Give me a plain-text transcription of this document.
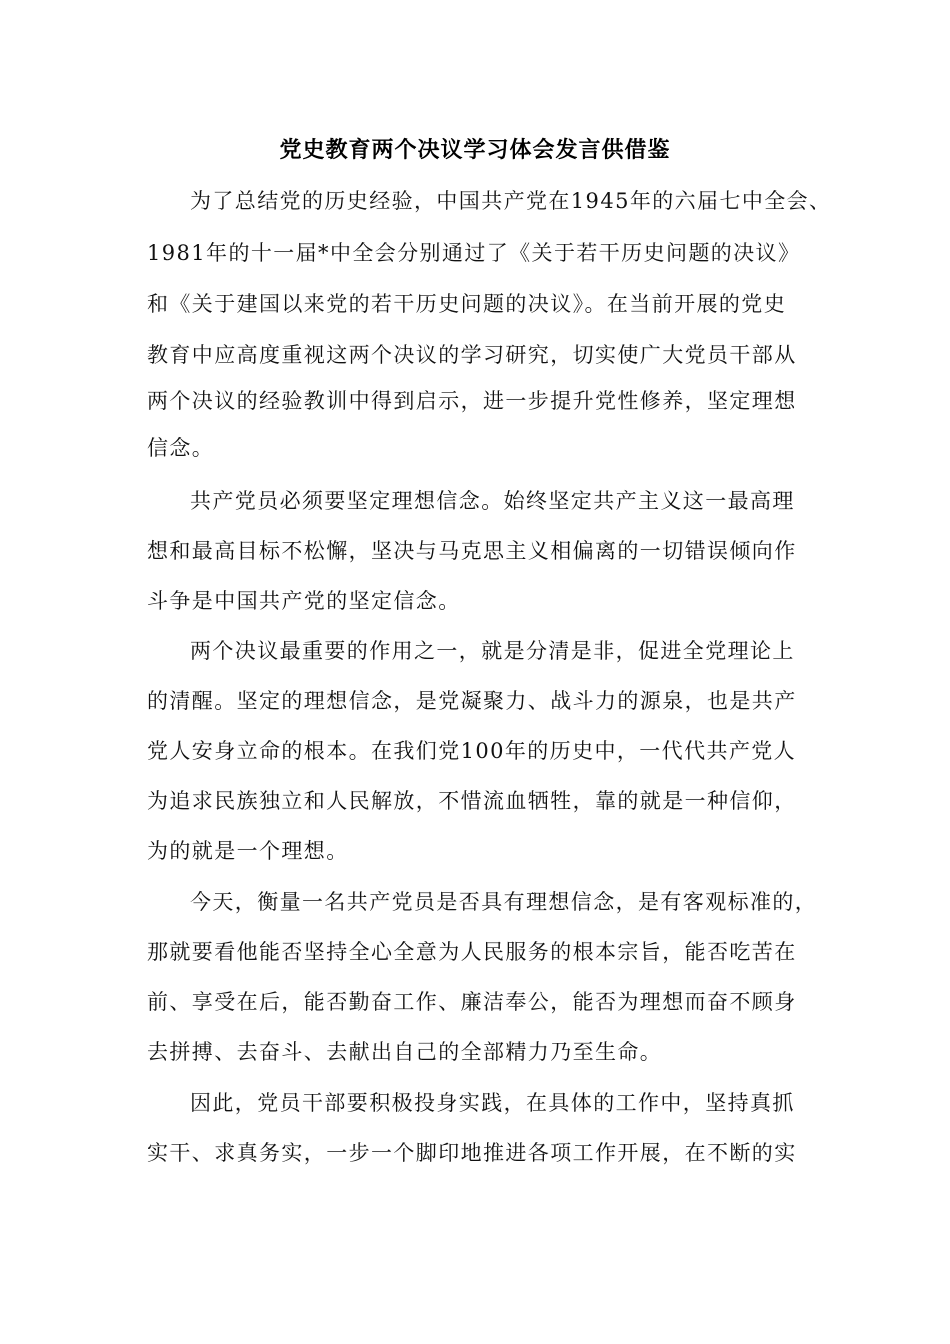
党史教育两个决议学习体会发言供借鉴
为了总结党的历史经验，中国共产党在1945年的六届七中全会、
1981年的十一届*中全会分别通过了《关于若干历史问题的决议》
和《关于建国以来党的若干历史问题的决议》。在当前开展的党史
教育中应高度重视这两个决议的学习研究，切实使广大党员干部从
两个决议的经验教训中得到启示，进一步提升党性修养，坚定理想
信念。
共产党员必须要坚定理想信念。始终坚定共产主义这一最高理
想和最高目标不松懈，坚决与马克思主义相偏离的一切错误倾向作
斗争是中国共产党的坚定信念。
两个决议最重要的作用之一，就是分清是非，促进全党理论上
的清醒。坚定的理想信念，是党凝聚力、战斗力的源泉，也是共产
党人安身立命的根本。在我们党100年的历史中，一代代共产党人
为追求民族独立和人民解放，不惜流血牺牲，靠的就是一种信仰，
为的就是一个理想。
今天，衡量一名共产党员是否具有理想信念，是有客观标准的，
那就要看他能否坚持全心全意为人民服务的根本宗旨，能否吃苦在
前、享受在后，能否勤奋工作、廉洁奉公，能否为理想而奋不顾身
去拼搏、去奋斗、去献出自己的全部精力乃至生命。
因此，党员干部要积极投身实践，在具体的工作中，坚持真抓
实干、求真务实，一步一个脚印地推进各项工作开展，在不断的实
